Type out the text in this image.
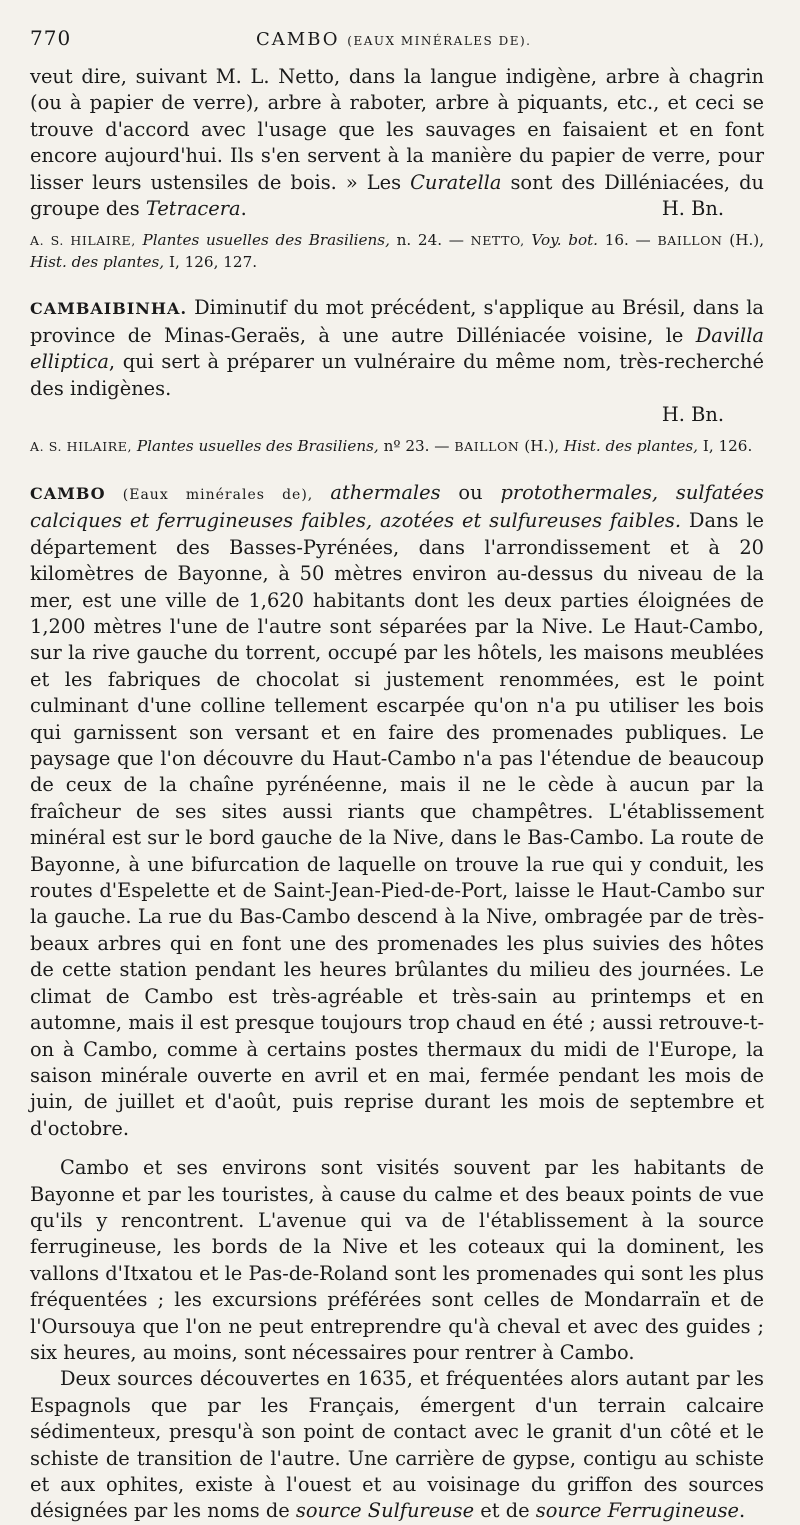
770	CAMBO (EAUX MINÉRALES DE).

veut dire, suivant M. L. Netto, dans la langue indigène, arbre à chagrin (ou à papier de verre), arbre à raboter, arbre à piquants, etc., et ceci se trouve d'accord avec l'usage que les sauvages en faisaient et en font encore aujourd'hui. Ils s'en servent à la manière du papier de verre, pour lisser leurs ustensiles de bois. » Les Curatella sont des Dilléniacées, du groupe des Tetracera.	H. Bn.

A. S. HILAIRE, Plantes usuelles des Brasiliens, n. 24. — NETTO, Voy. bot. 16. — BAILLON (H.), Hist. des plantes, I, 126, 127.

CAMBAIBINHA. Diminutif du mot précédent, s'applique au Brésil, dans la province de Minas-Geraës, à une autre Dilléniacée voisine, le Davilla elliptica, qui sert à préparer un vulnéraire du même nom, très-recherché des indigènes.

H. Bn.

A. S. HILAIRE, Plantes usuelles des Brasiliens, nº 23. — BAILLON (H.), Hist. des plantes, I, 126.

CAMBO (Eaux minérales de), athermales ou protothermales, sulfatées calciques et ferrugineuses faibles, azotées et sulfureuses faibles. Dans le département des Basses-Pyrénées, dans l'arrondissement et à 20 kilomètres de Bayonne, à 50 mètres environ au-dessus du niveau de la mer, est une ville de 1,620 habitants dont les deux parties éloignées de 1,200 mètres l'une de l'autre sont séparées par la Nive. Le Haut-Cambo, sur la rive gauche du torrent, occupé par les hôtels, les maisons meublées et les fabriques de chocolat si justement renommées, est le point culminant d'une colline tellement escarpée qu'on n'a pu utiliser les bois qui garnissent son versant et en faire des promenades publiques. Le paysage que l'on découvre du Haut-Cambo n'a pas l'étendue de beaucoup de ceux de la chaîne pyrénéenne, mais il ne le cède à aucun par la fraîcheur de ses sites aussi riants que champêtres. L'établissement minéral est sur le bord gauche de la Nive, dans le Bas-Cambo. La route de Bayonne, à une bifurcation de laquelle on trouve la rue qui y conduit, les routes d'Espelette et de Saint-Jean-Pied-de-Port, laisse le Haut-Cambo sur la gauche. La rue du Bas-Cambo descend à la Nive, ombragée par de très-beaux arbres qui en font une des promenades les plus suivies des hôtes de cette station pendant les heures brûlantes du milieu des journées. Le climat de Cambo est très-agréable et très-sain au printemps et en automne, mais il est presque toujours trop chaud en été ; aussi retrouve-t-on à Cambo, comme à certains postes thermaux du midi de l'Europe, la saison minérale ouverte en avril et en mai, fermée pendant les mois de juin, de juillet et d'août, puis reprise durant les mois de septembre et d'octobre.

Cambo et ses environs sont visités souvent par les habitants de Bayonne et par les touristes, à cause du calme et des beaux points de vue qu'ils y rencontrent. L'avenue qui va de l'établissement à la source ferrugineuse, les bords de la Nive et les coteaux qui la dominent, les vallons d'Itxatou et le Pas-de-Roland sont les promenades qui sont les plus fréquentées ; les excursions préférées sont celles de Mondarraïn et de l'Oursouya que l'on ne peut entreprendre qu'à cheval et avec des guides ; six heures, au moins, sont nécessaires pour rentrer à Cambo.

Deux sources découvertes en 1635, et fréquentées alors autant par les Espagnols que par les Français, émergent d'un terrain calcaire sédimenteux, presqu'à son point de contact avec le granit d'un côté et le schiste de transition de l'autre. Une carrière de gypse, contigu au schiste et aux ophites, existe à l'ouest et au voisinage du griffon des sources désignées par les noms de source Sulfureuse et de source Ferrugineuse.
